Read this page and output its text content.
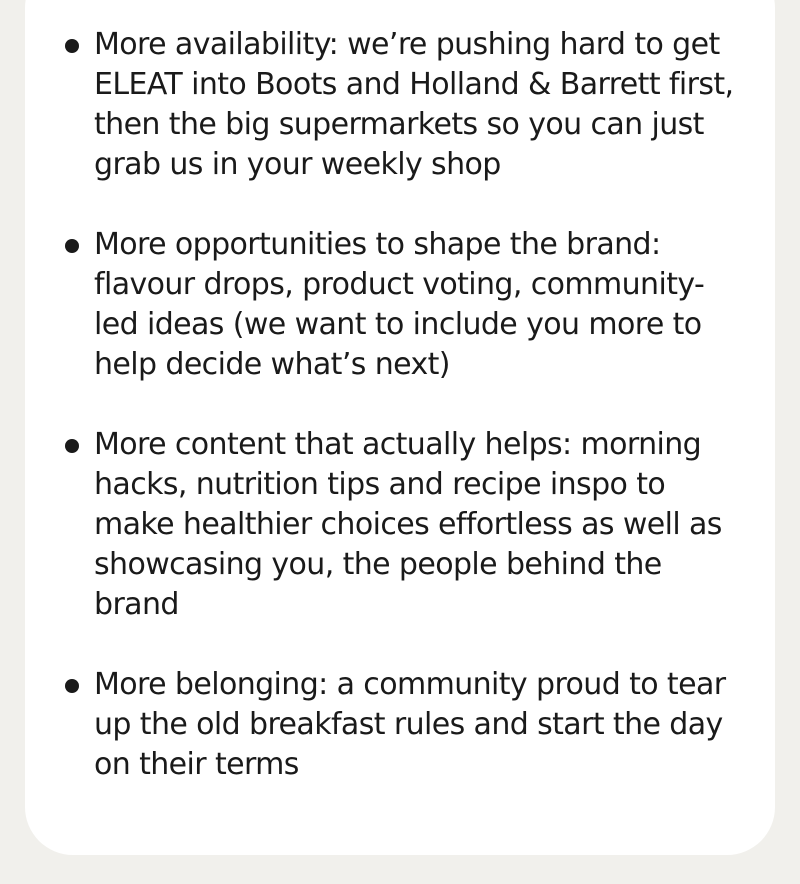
More availability: we’re pushing hard to get ELEAT into Boots and Holland & Barrett first, then the big supermarkets so you can just grab us in your weekly shop
More opportunities to shape the brand: flavour drops, product voting, community-led ideas (we want to include you more to help decide what’s next)
More content that actually helps: morning hacks, nutrition tips and recipe inspo to make healthier choices effortless as well as showcasing you, the people behind the brand
More belonging: a community proud to tear up the old breakfast rules and start the day on their terms
